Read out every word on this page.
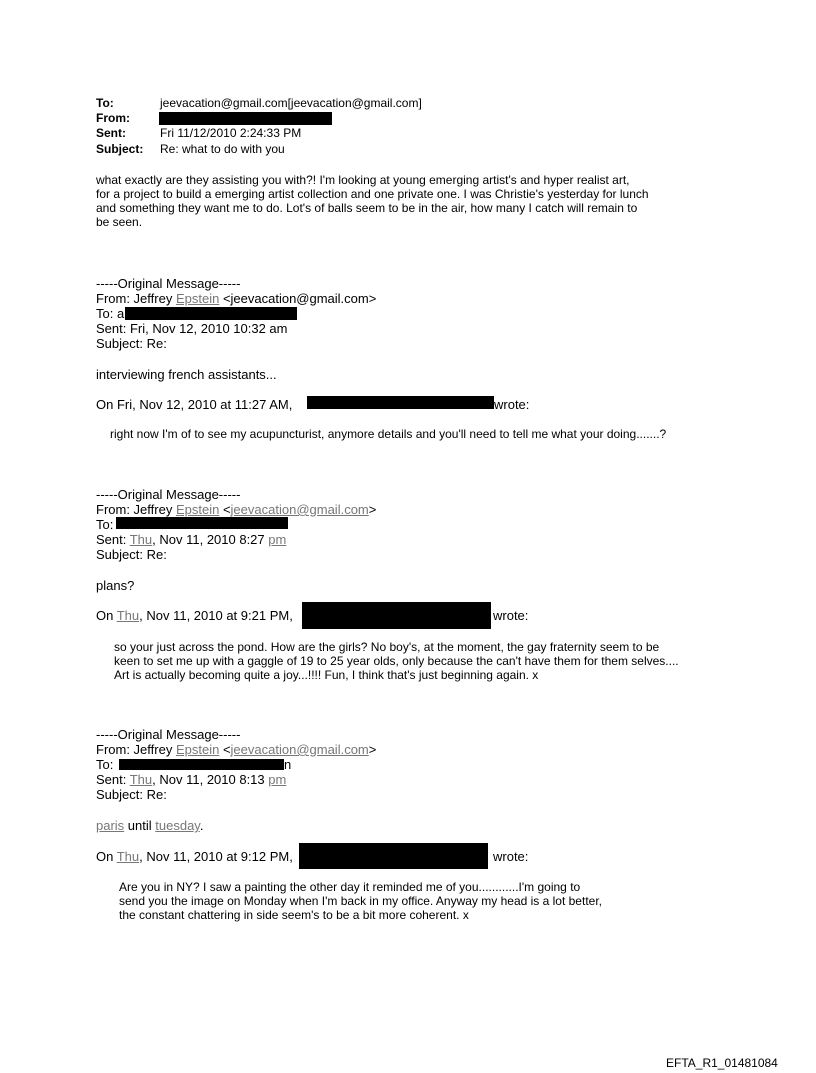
To:	jeevacation@gmail.com[jeevacation@gmail.com]
From:
Sent:	Fri 11/12/2010 2:24:33 PM
Subject: Re: what to do with you
what exactly are they assisting you with?! I'm looking at young emerging artist's and hyper realist art,
for a project to build a emerging artist collection and one private one. I was Christie's yesterday for lunch
and something they want me to do. Lot's of balls seem to be in the air, how many I catch will remain to
be seen.
-----Original Message-----
From: Jeffrey Epstein <jeevacation@gmail.com>
To: a
Sent: Fri, Nov 12, 2010 10:32 am
Subject: Re:
interviewing french assistants...
On Fri, Nov 12, 2010 at 11:27 AM,	wrote:
right now I'm of to see my acupuncturist, anymore details and you'll need to tell me what your doing.......?
-----Original Message-----
From: Jeffrey Epstein <jeevacation@gmail.com>
To:
Sent: Thu, Nov 11, 2010 8:27 pm
Subject: Re:
plans?
On Thu, Nov 11, 2010 at 9:21 PM,	wrote:
so your just across the pond. How are the girls? No boy's, at the moment, the gay fraternity seem to be
keen to set me up with a gaggle of 19 to 25 year olds, only because the can't have them for them selves....
Art is actually becoming quite a joy...!!!! Fun, I think that's just beginning again. x
-----Original Message-----
From: Jeffrey Epstein <jeevacation@gmail.com>
To:	n
Sent: Thu, Nov 11, 2010 8:13 pm
Subject: Re:
paris until tuesday.
On Thu, Nov 11, 2010 at 9:12 PM,	wrote:
Are you in NY? I saw a painting the other day it reminded me of you............I'm going to
send you the image on Monday when I'm back in my office. Anyway my head is a lot better,
the constant chattering in side seem's to be a bit more coherent. x
EFTA_R1_01481084
